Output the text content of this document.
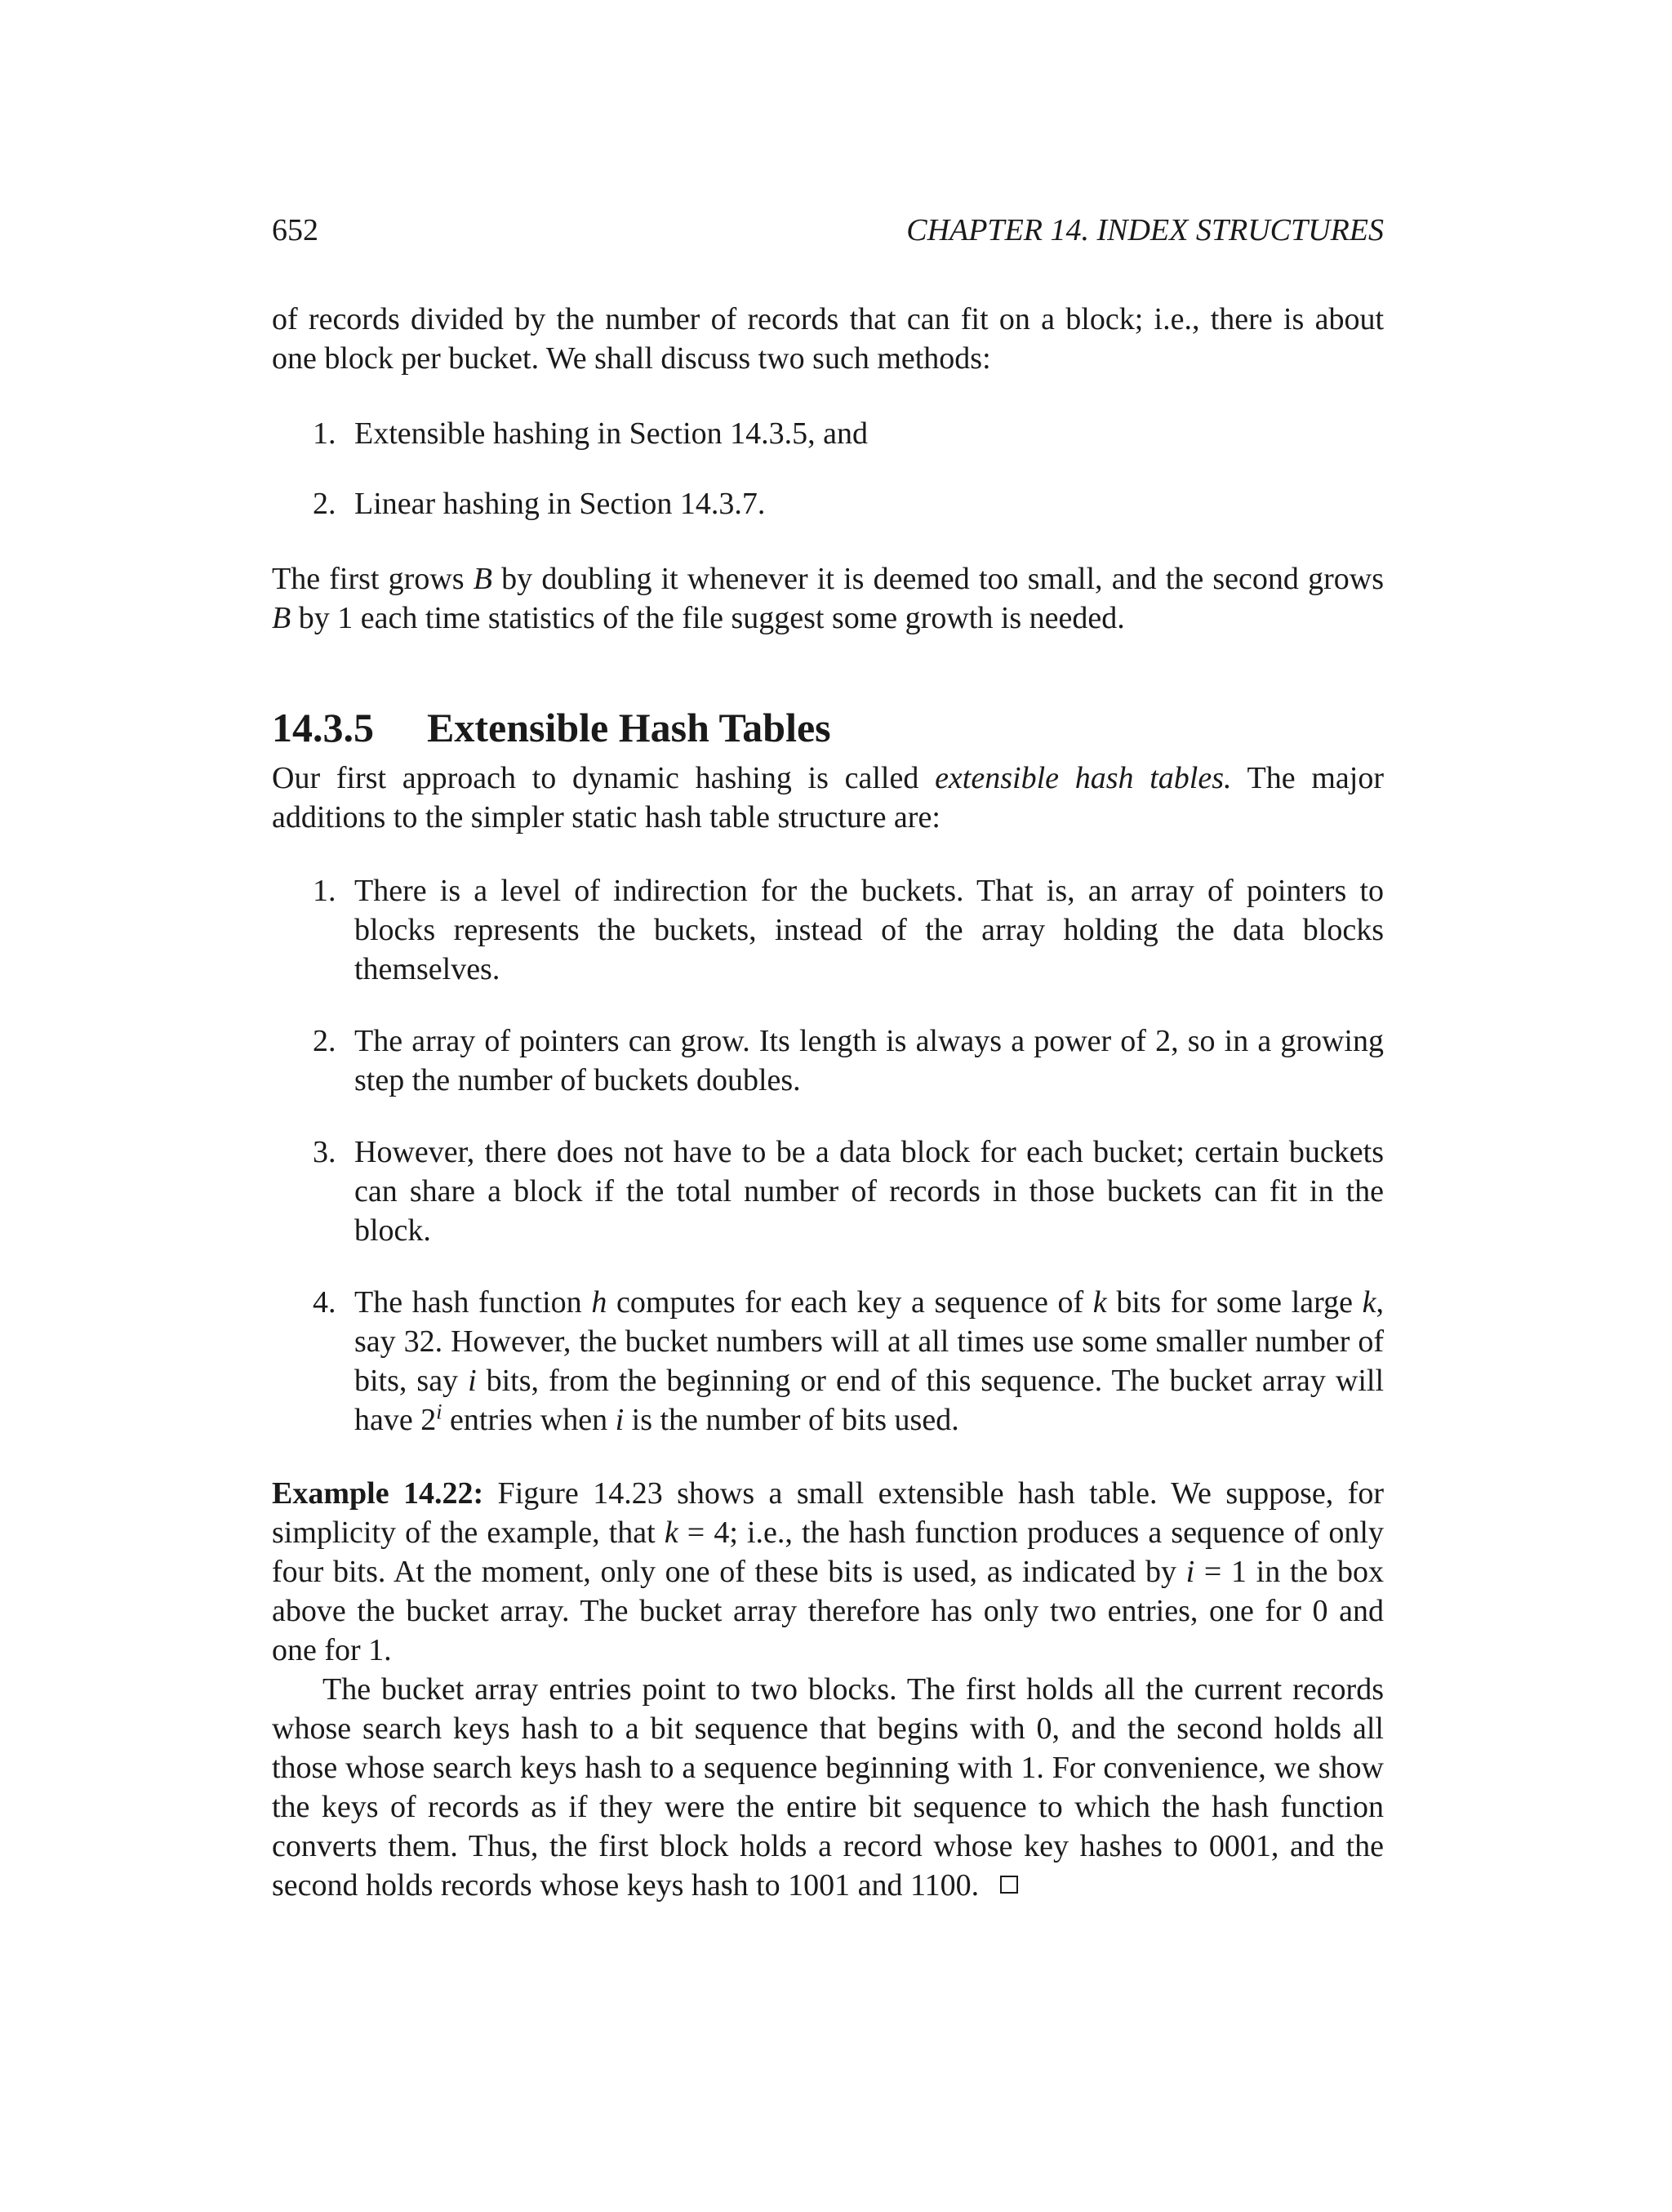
652	CHAPTER 14. INDEX STRUCTURES

of records divided by the number of records that can fit on a block; i.e., there is about one block per bucket. We shall discuss two such methods:

1. Extensible hashing in Section 14.3.5, and
2. Linear hashing in Section 14.3.7.

The first grows B by doubling it whenever it is deemed too small, and the second grows B by 1 each time statistics of the file suggest some growth is needed.

14.3.5 Extensible Hash Tables

Our first approach to dynamic hashing is called extensible hash tables. The major additions to the simpler static hash table structure are:

1. There is a level of indirection for the buckets. That is, an array of pointers to blocks represents the buckets, instead of the array holding the data blocks themselves.
2. The array of pointers can grow. Its length is always a power of 2, so in a growing step the number of buckets doubles.
3. However, there does not have to be a data block for each bucket; certain buckets can share a block if the total number of records in those buckets can fit in the block.
4. The hash function h computes for each key a sequence of k bits for some large k, say 32. However, the bucket numbers will at all times use some smaller number of bits, say i bits, from the beginning or end of this sequence. The bucket array will have 2$^i$ entries when i is the number of bits used.

Example 14.22: Figure 14.23 shows a small extensible hash table. We suppose, for simplicity of the example, that k = 4; i.e., the hash function produces a sequence of only four bits. At the moment, only one of these bits is used, as indicated by i = 1 in the box above the bucket array. The bucket array therefore has only two entries, one for 0 and one for 1.

The bucket array entries point to two blocks. The first holds all the current records whose search keys hash to a bit sequence that begins with 0, and the second holds all those whose search keys hash to a sequence beginning with 1. For convenience, we show the keys of records as if they were the entire bit sequence to which the hash function converts them. Thus, the first block holds a record whose key hashes to 0001, and the second holds records whose keys hash to 1001 and 1100.
